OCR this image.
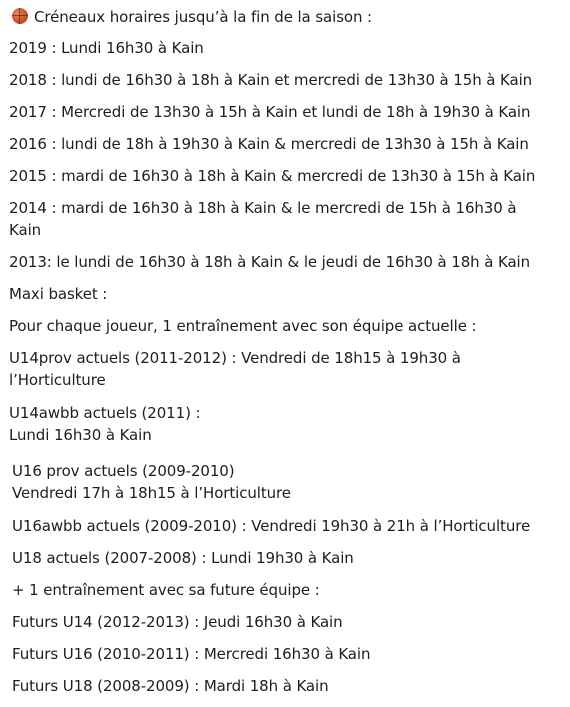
Créneaux horaires jusqu’à la fin de la saison :
2019 : Lundi 16h30 à Kain
2018 : lundi de 16h30 à 18h à Kain et mercredi de 13h30 à 15h à Kain
2017 : Mercredi de 13h30 à 15h à Kain et lundi de 18h à 19h30 à Kain
2016 : lundi de 18h à 19h30 à Kain & mercredi de 13h30 à 15h à Kain
2015 : mardi de 16h30 à 18h à Kain & mercredi de 13h30 à 15h à Kain
2014 : mardi de 16h30 à 18h à Kain & le mercredi de 15h à 16h30 à
Kain
2013: le lundi de 16h30 à 18h à Kain & le jeudi de 16h30 à 18h à Kain
Maxi basket :
Pour chaque joueur, 1 entraînement avec son équipe actuelle :
U14prov actuels (2011-2012) : Vendredi de 18h15 à 19h30 à
l’Horticulture
U14awbb actuels (2011) :
Lundi 16h30 à Kain
U16 prov actuels (2009-2010)
Vendredi 17h à 18h15 à l’Horticulture
U16awbb actuels (2009-2010) : Vendredi 19h30 à 21h à l’Horticulture
U18 actuels (2007-2008) : Lundi 19h30 à Kain
+ 1 entraînement avec sa future équipe :
Futurs U14 (2012-2013) : Jeudi 16h30 à Kain
Futurs U16 (2010-2011) : Mercredi 16h30 à Kain
Futurs U18 (2008-2009) : Mardi 18h à Kain
